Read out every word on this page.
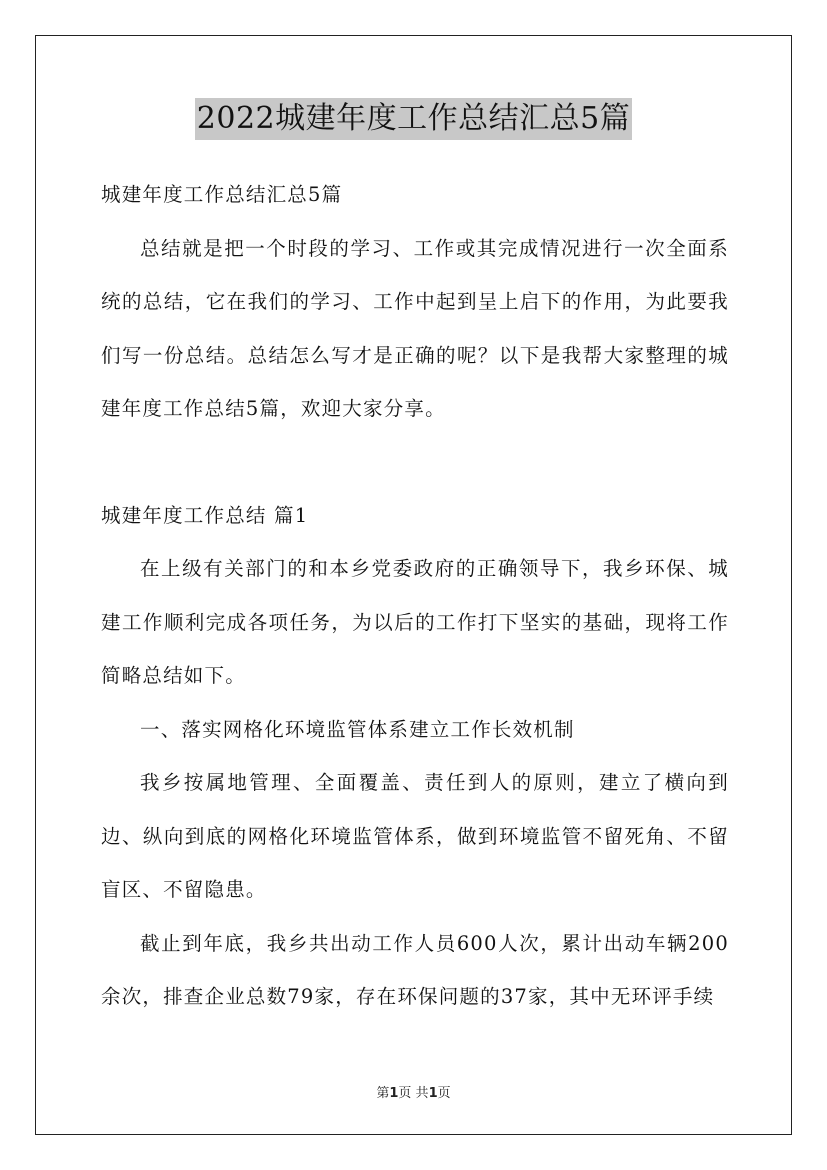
2022城建年度工作总结汇总5篇

城建年度工作总结汇总5篇

总结就是把一个时段的学习、工作或其完成情况进行一次全面系统的总结，它在我们的学习、工作中起到呈上启下的作用，为此要我们写一份总结。总结怎么写才是正确的呢？以下是我帮大家整理的城建年度工作总结5篇，欢迎大家分享。

城建年度工作总结 篇1

在上级有关部门的和本乡党委政府的正确领导下，我乡环保、城建工作顺利完成各项任务，为以后的工作打下坚实的基础，现将工作简略总结如下。

一、落实网格化环境监管体系建立工作长效机制

我乡按属地管理、全面覆盖、责任到人的原则，建立了横向到边、纵向到底的网格化环境监管体系，做到环境监管不留死角、不留盲区、不留隐患。

截止到年底，我乡共出动工作人员600人次，累计出动车辆200余次，排查企业总数79家，存在环保问题的37家，其中无环评手续

第1页 共1页
